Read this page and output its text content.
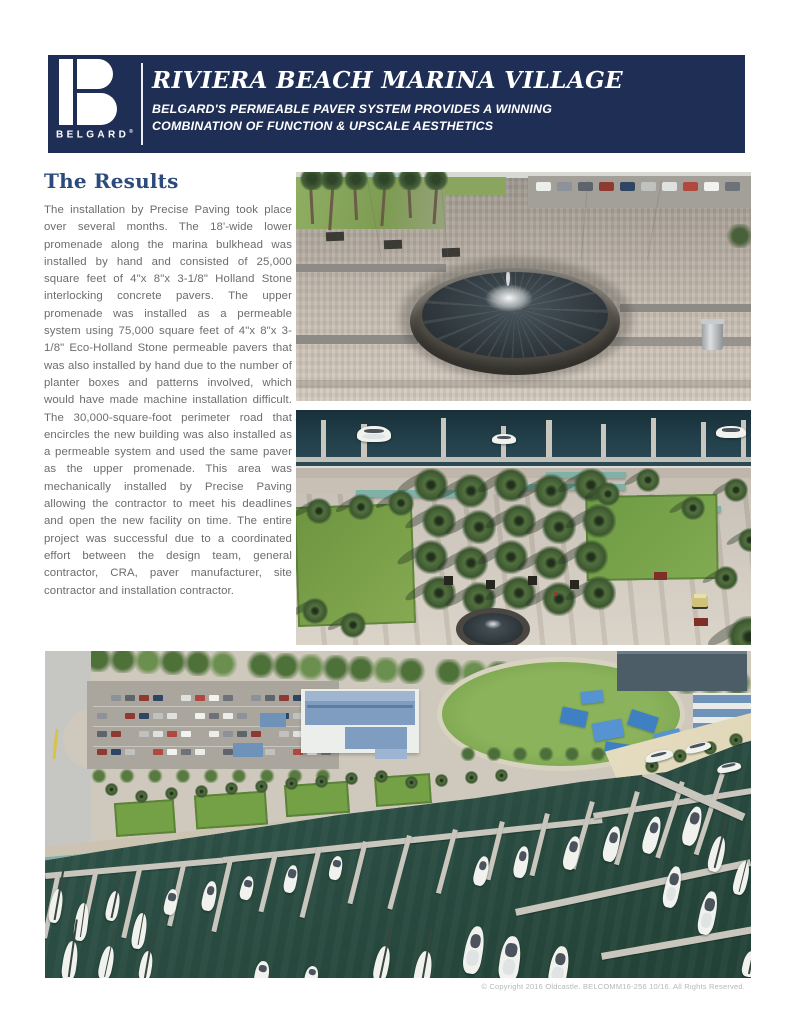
BELGARD®
RIVIERA BEACH MARINA VILLAGE
BELGARD'S PERMEABLE PAVER SYSTEM PROVIDES A WINNING
COMBINATION OF FUNCTION & UPSCALE AESTHETICS
The Results

The installation by Precise Paving took place over several months. The 18'-wide lower promenade along the marina bulkhead was installed by hand and consisted of 25,000 square feet of 4"x 8"x 3-1/8" Holland Stone interlocking concrete pavers. The upper promenade was installed as a permeable system using 75,000 square feet of 4"x 8"x 3-1/8" Eco-Holland Stone permeable pavers that was also installed by hand due to the number of planter boxes and patterns involved, which would have made machine installation difficult. The 30,000-square-foot perimeter road that encircles the new building was also installed as a permeable system and used the same paver as the upper promenade. This area was mechanically installed by Precise Paving allowing the contractor to meet his deadlines and open the new facility on time. The entire project was successful due to a coordinated effort between the design team, general contractor, CRA, paver manufacturer, site contractor and installation contractor.

© Copyright 2016 Oldcastle. BELCOMM16-256 10/16. All Rights Reserved.
